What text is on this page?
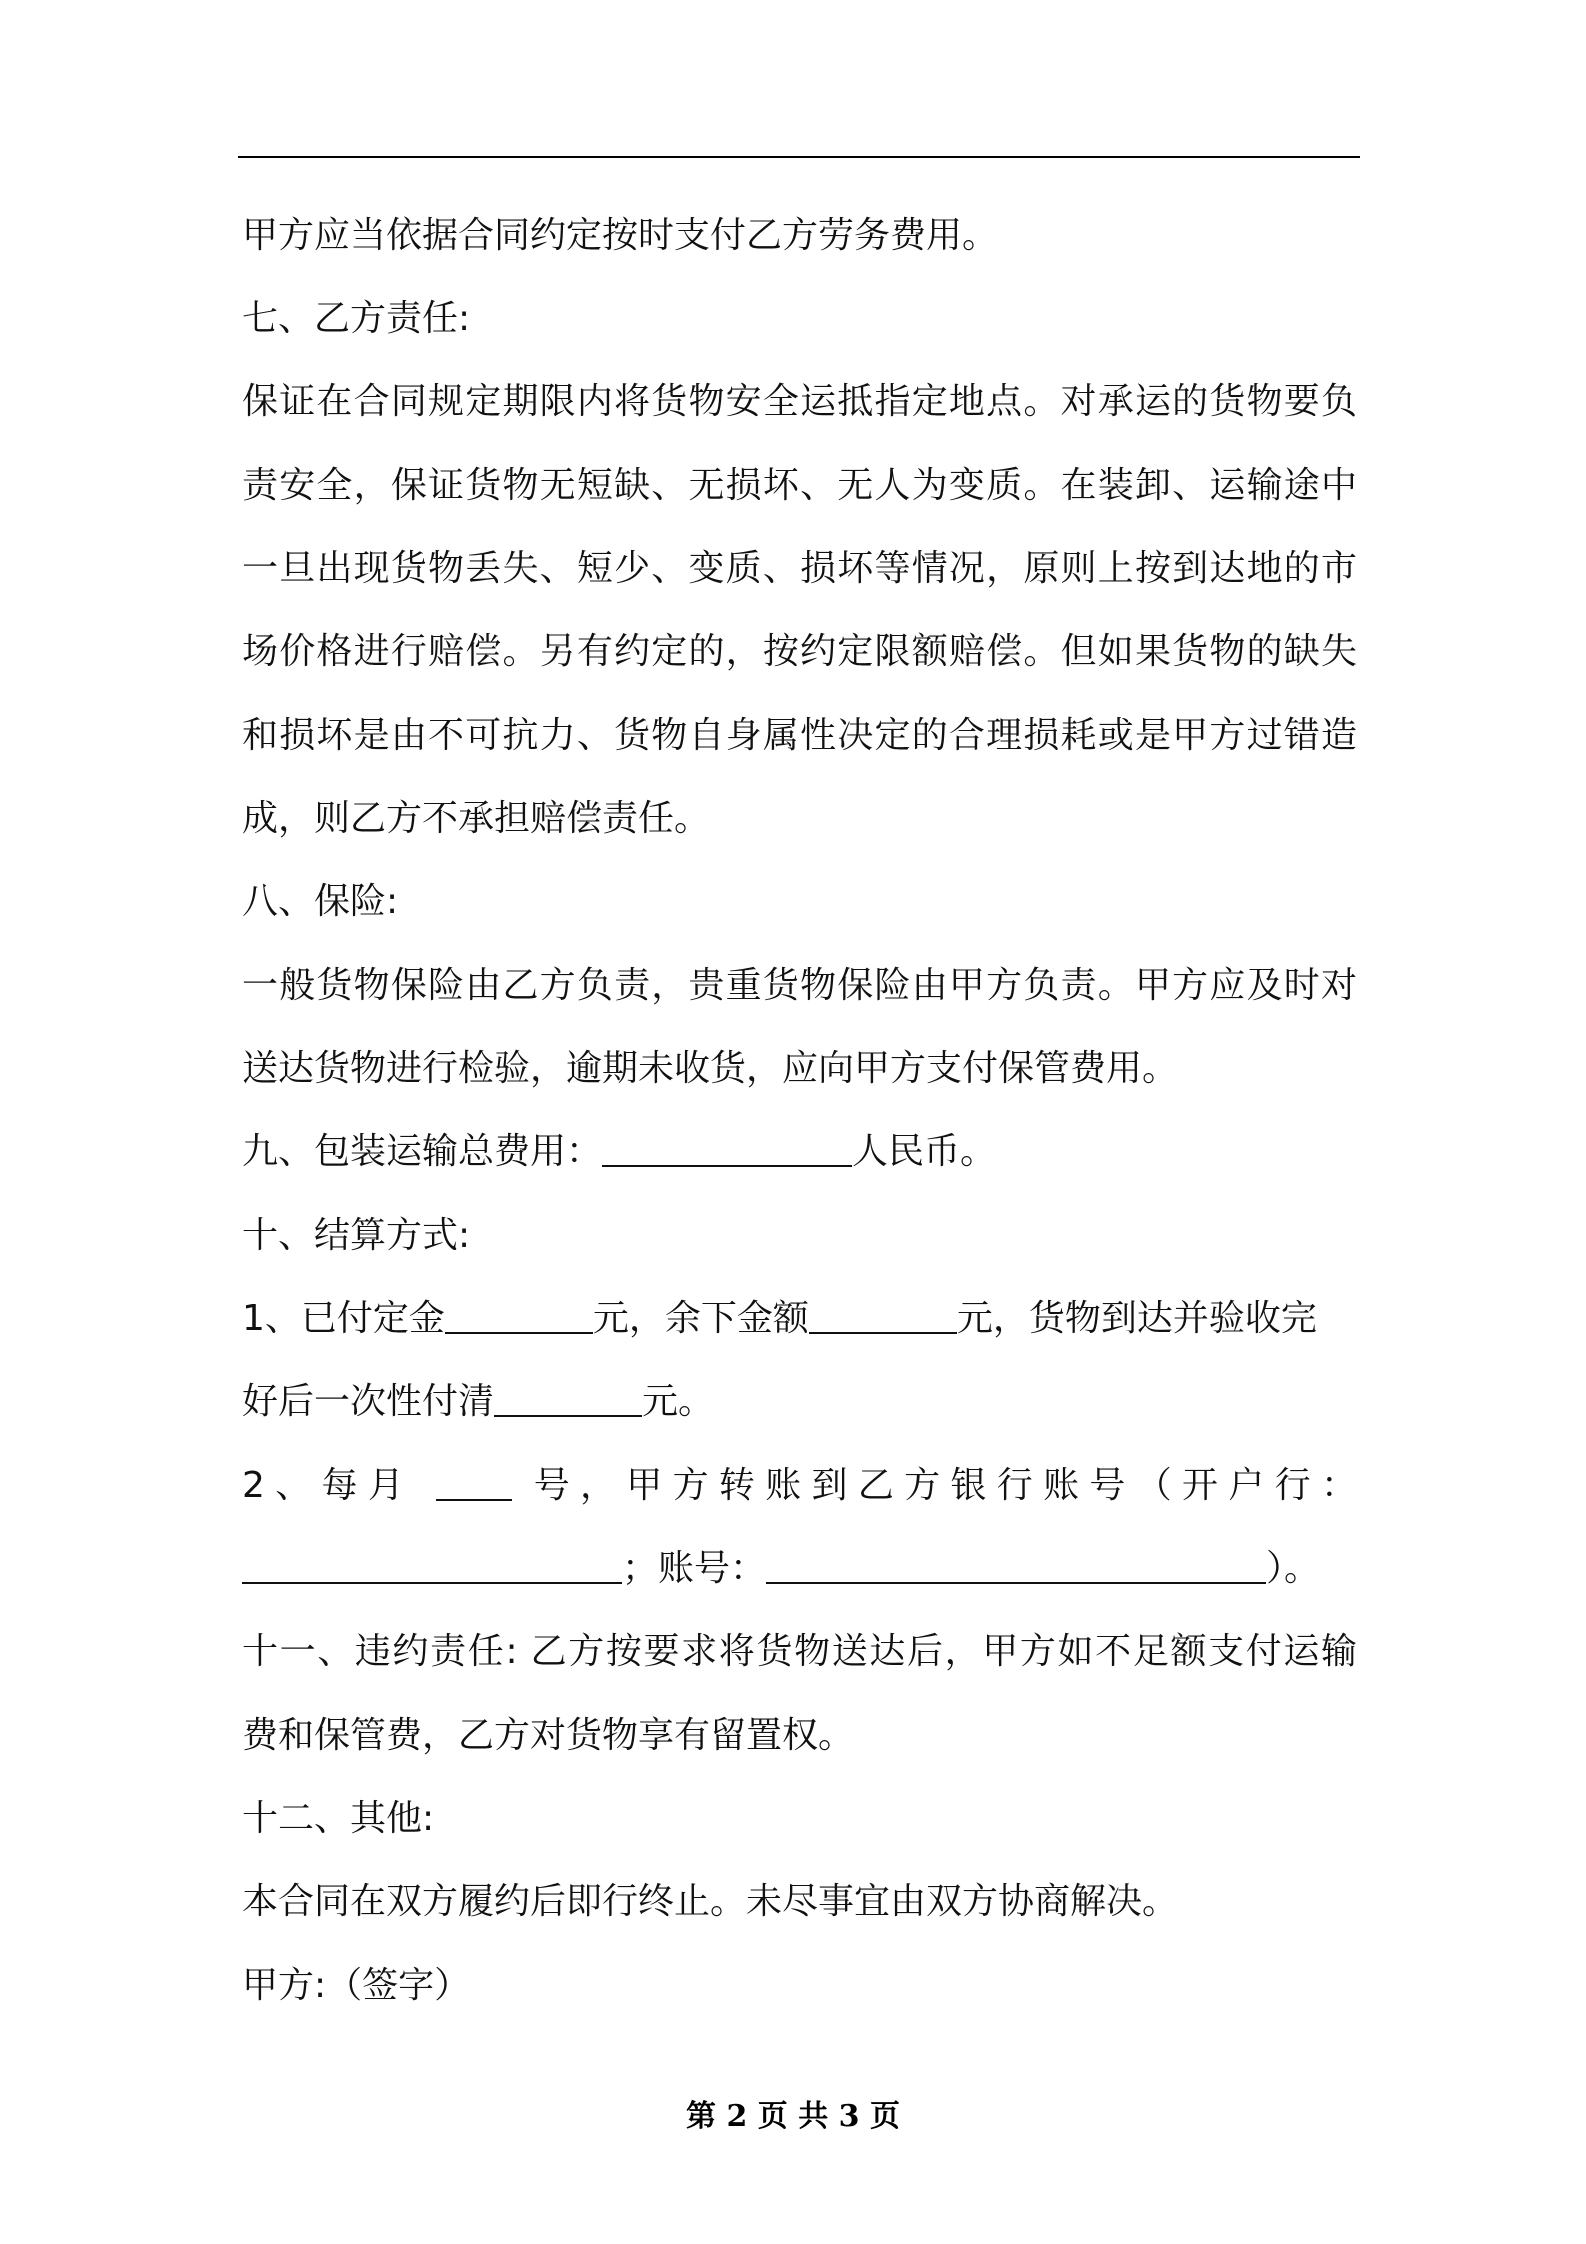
甲方应当依据合同约定按时支付乙方劳务费用。
七、乙方责任:
保证在合同规定期限内将货物安全运抵指定地点。对承运的货物要负
责安全，保证货物无短缺、无损坏、无人为变质。在装卸、运输途中
一旦出现货物丢失、短少、变质、损坏等情况，原则上按到达地的市
场价格进行赔偿。另有约定的，按约定限额赔偿。但如果货物的缺失
和损坏是由不可抗力、货物自身属性决定的合理损耗或是甲方过错造
成，则乙方不承担赔偿责任。
八、保险:
一般货物保险由乙方负责，贵重货物保险由甲方负责。甲方应及时对
送达货物进行检验，逾期未收货，应向甲方支付保管费用。
九、包装运输总费用：	人民币。
十、结算方式:
1、已付定金	元，余下金额	元，货物到达并验收完
好后一次性付清	元。
2、每月	号，甲方转账到乙方银行账号（开户行：
；账号：	）。
十一、违约责任: 乙方按要求将货物送达后，甲方如不足额支付运输
费和保管费，乙方对货物享有留置权。
十二、其他:
本合同在双方履约后即行终止。未尽事宜由双方协商解决。
甲方:（签字）
第 2 页 共 3 页
